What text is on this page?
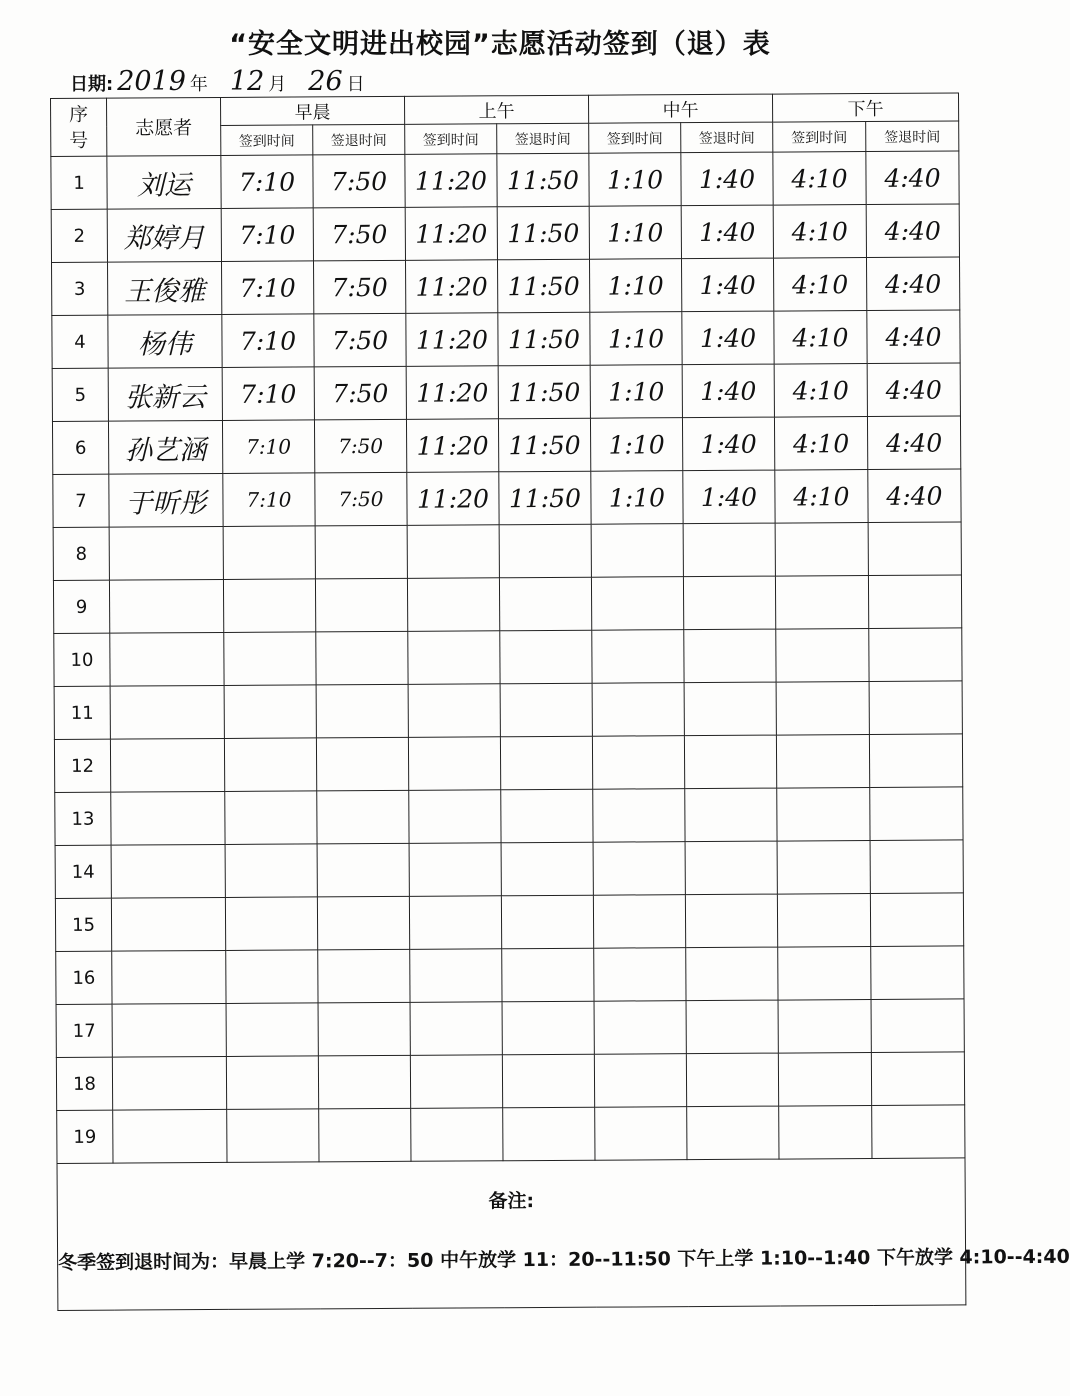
“安全文明进出校园”志愿活动签到（退）表
日期: 2019 年 12 月 26 日
序
号	志愿者	早晨		上午		中午		下午	
		签到时间	签退时间	签到时间	签退时间	签到时间	签退时间	签到时间	签退时间
1	刘运	7:10	7:50	11:20	11:50	1:10	1:40	4:10	4:40
2	郑婷月	7:10	7:50	11:20	11:50	1:10	1:40	4:10	4:40
3	王俊雅	7:10	7:50	11:20	11:50	1:10	1:40	4:10	4:40
4	杨伟	7:10	7:50	11:20	11:50	1:10	1:40	4:10	4:40
5	张新云	7:10	7:50	11:20	11:50	1:10	1:40	4:10	4:40
6	孙艺涵	7:10	7:50	11:20	11:50	1:10	1:40	4:10	4:40
7	于昕彤	7:10	7:50	11:20	11:50	1:10	1:40	4:10	4:40
8									
9									
10									
11									
12									
13									
14									
15									
16									
17									
18									
19									

备注:
冬季签到退时间为：早晨上学 7:20--7：50 中午放学 11：20--11:50 下午上学 1:10--1:40 下午放学 4:10--4:40									
